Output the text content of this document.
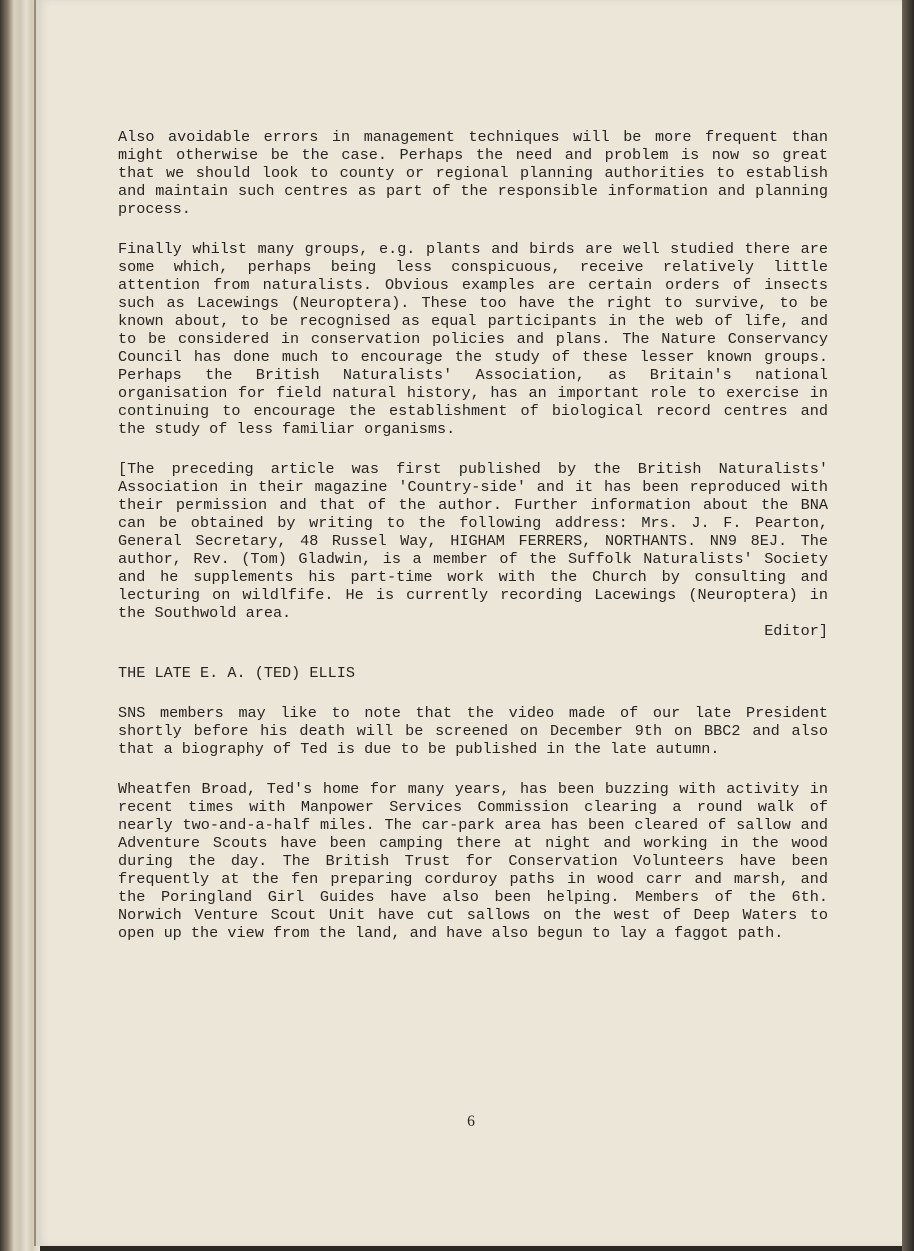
Also avoidable errors in management techniques will be more frequent than might otherwise be the case. Perhaps the need and problem is now so great that we should look to county or regional planning authorities to establish and maintain such centres as part of the responsible information and planning process.

Finally whilst many groups, e.g. plants and birds are well studied there are some which, perhaps being less conspicuous, receive relatively little attention from naturalists. Obvious examples are certain orders of insects such as Lacewings (Neuroptera). These too have the right to survive, to be known about, to be recognised as equal participants in the web of life, and to be considered in conservation policies and plans. The Nature Conservancy Council has done much to encourage the study of these lesser known groups. Perhaps the British Naturalists' Association, as Britain's national organisation for field natural history, has an important role to exercise in continuing to encourage the establishment of biological record centres and the study of less familiar organisms.

[The preceding article was first published by the British Naturalists' Association in their magazine 'Country-side' and it has been reproduced with their permission and that of the author. Further information about the BNA can be obtained by writing to the following address: Mrs. J. F. Pearton, General Secretary, 48 Russel Way, HIGHAM FERRERS, NORTHANTS. NN9 8EJ. The author, Rev. (Tom) Gladwin, is a member of the Suffolk Naturalists' Society and he supplements his part-time work with the Church by consulting and lecturing on wildlfife. He is currently recording Lacewings (Neuroptera) in the Southwold area.

Editor]

THE LATE E. A. (TED) ELLIS

SNS members may like to note that the video made of our late President shortly before his death will be screened on December 9th on BBC2 and also that a biography of Ted is due to be published in the late autumn.

Wheatfen Broad, Ted's home for many years, has been buzzing with activity in recent times with Manpower Services Commission clearing a round walk of nearly two-and-a-half miles. The car-park area has been cleared of sallow and Adventure Scouts have been camping there at night and working in the wood during the day. The British Trust for Conservation Volunteers have been frequently at the fen preparing corduroy paths in wood carr and marsh, and the Poringland Girl Guides have also been helping. Members of the 6th. Norwich Venture Scout Unit have cut sallows on the west of Deep Waters to open up the view from the land, and have also begun to lay a faggot path.

6
